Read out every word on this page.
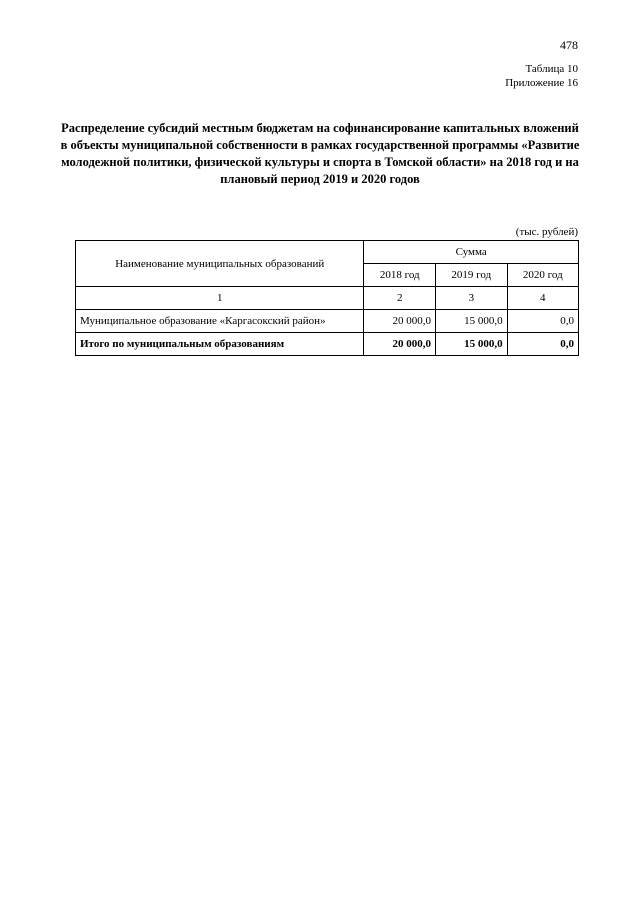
478
Таблица 10
Приложение 16
Распределение субсидий местным бюджетам на софинансирование капитальных вложений в объекты муниципальной собственности в рамках государственной программы «Развитие молодежной политики, физической культуры и спорта в Томской области» на 2018 год и на плановый период 2019 и 2020 годов
(тыс. рублей)
Наименование муниципальных образований	Сумма		
	2018 год	2019 год	2020 год
1	2	3	4
Муниципальное образование «Каргасокский район»	20 000,0	15 000,0	0,0
Итого по муниципальным образованиям	20 000,0	15 000,0	0,0
